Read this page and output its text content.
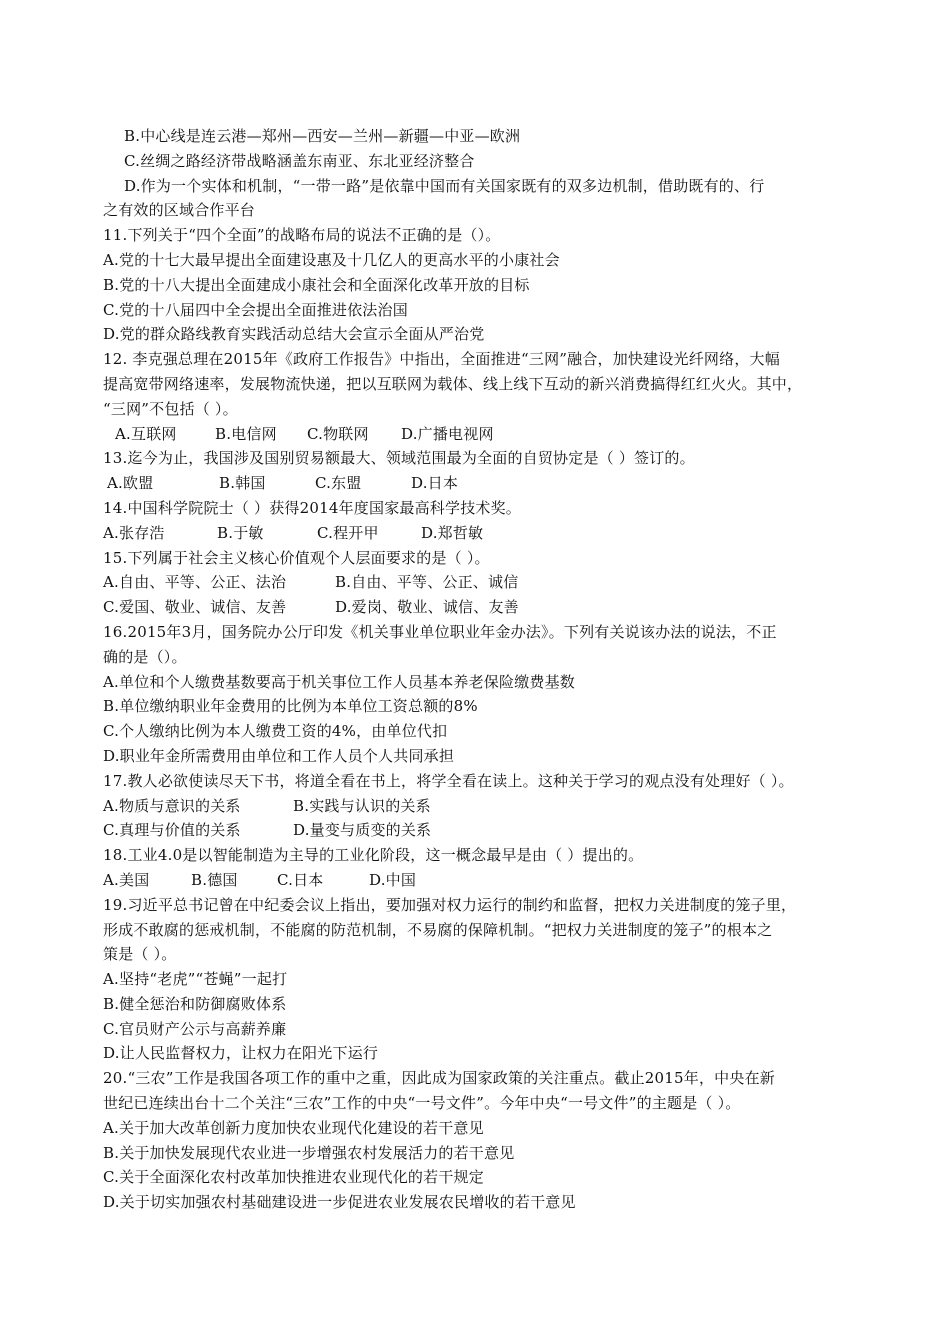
B.中心线是连云港—郑州—西安—兰州—新疆—中亚—欧洲
C.丝绸之路经济带战略涵盖东南亚、东北亚经济整合
D.作为一个实体和机制，“一带一路”是依靠中国而有关国家既有的双多边机制，借助既有的、行
之有效的区域合作平台
11.下列关于“四个全面”的战略布局的说法不正确的是（）。
A.党的十七大最早提出全面建设惠及十几亿人的更高水平的小康社会
B.党的十八大提出全面建成小康社会和全面深化改革开放的目标
C.党的十八届四中全会提出全面推进依法治国
D.党的群众路线教育实践活动总结大会宣示全面从严治党
12. 李克强总理在2015年《政府工作报告》中指出，全面推进“三网”融合，加快建设光纤网络，大幅
提高宽带网络速率，发展物流快递，把以互联网为载体、线上线下互动的新兴消费搞得红红火火。其中，
“三网”不包括（ ）。
A.互联网	B.电信网 C.物联网 D.广播电视网
13.迄今为止，我国涉及国别贸易额最大、领域范围最为全面的自贸协定是（ ）签订的。
A.欧盟	B.韩国	C.东盟	D.日本
14.中国科学院院士（ ）获得2014年度国家最高科学技术奖。
A.张存浩	B.于敏	C.程开甲	D.郑哲敏
15.下列属于社会主义核心价值观个人层面要求的是（ ）。
A.自由、平等、公正、法治	B.自由、平等、公正、诚信
C.爱国、敬业、诚信、友善	D.爱岗、敬业、诚信、友善
16.2015年3月，国务院办公厅印发《机关事业单位职业年金办法》。下列有关说该办法的说法，不正
确的是（）。
A.单位和个人缴费基数要高于机关事位工作人员基本养老保险缴费基数
B.单位缴纳职业年金费用的比例为本单位工资总额的8%
C.个人缴纳比例为本人缴费工资的4%，由单位代扣
D.职业年金所需费用由单位和工作人员个人共同承担
17.教人必欲使读尽天下书，将道全看在书上，将学全看在读上。这种关于学习的观点没有处理好（ ）。
A.物质与意识的关系	B.实践与认识的关系
C.真理与价值的关系	D.量变与质变的关系
18.工业4.0是以智能制造为主导的工业化阶段，这一概念最早是由（ ）提出的。
A.美国	B.德国	C.日本	D.中国
19.习近平总书记曾在中纪委会议上指出，要加强对权力运行的制约和监督，把权力关进制度的笼子里，
形成不敢腐的惩戒机制，不能腐的防范机制，不易腐的保障机制。“把权力关进制度的笼子”的根本之
策是（ ）。
A.坚持“老虎”“苍蝇”一起打
B.健全惩治和防御腐败体系
C.官员财产公示与高薪养廉
D.让人民监督权力，让权力在阳光下运行
20.“三农”工作是我国各项工作的重中之重，因此成为国家政策的关注重点。截止2015年，中央在新
世纪已连续出台十二个关注“三农”工作的中央“一号文件”。今年中央“一号文件”的主题是（ ）。
A.关于加大改革创新力度加快农业现代化建设的若干意见
B.关于加快发展现代农业进一步增强农村发展活力的若干意见
C.关于全面深化农村改革加快推进农业现代化的若干规定
D.关于切实加强农村基础建设进一步促进农业发展农民增收的若干意见
